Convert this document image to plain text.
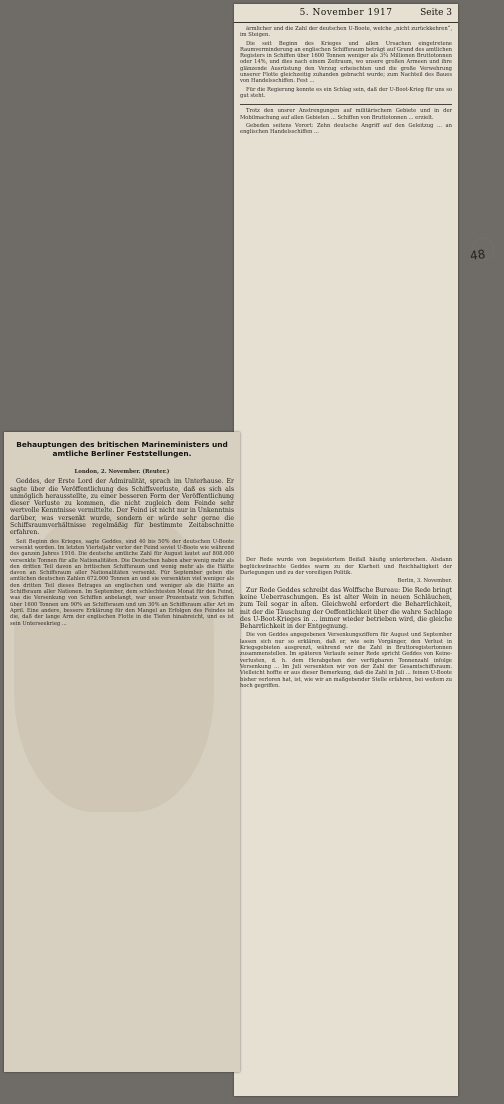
48
5. November 1917	Seite 3

ärmlicher und die Zahl der deutschen U-Boote, welche „nicht zurückkehren“, im Steigen.

Die seit Beginn des Krieges und allen Ursachen eingetretene Raumverminderung an englischen Schiffsraum beträgt auf Grund des amtlichen Registers in Schiffen über 1600 Tonnen weniger als 3¾ Millionen Bruttotonnen oder 14%, und dies nach einem Zeitraum, wo unsere großen Armeen und ihre glänzende Ausrüstung den Verzug erheischten und die große Verwehrung unserer Flotte gleichzeitig zuhanden gebracht wurde; zum Nachteil des Baues von Handelsschiffen. Fest ...

Für die Regierung konnte es ein Schlag sein, daß der U-Boot-Krieg für uns so gut steht.

Trotz den unsrer Anstrengungen auf militärischem Gebiete und in der Mobilmachung auf allen Gebieten ... Schiffen von Bruttotonnen ... erzielt.

Gebeden seitens Vorort: Zehn deutsche Angriff auf den Geleitzug ... an englischen Handelsschiffen ...

Der Rede wurde von begeistertem Beifall häufig unterbrochen. Alsdann beglückwünschte Geddes warm zu der Klarheit und Reichhaltigkeit der Darlegungen und zu der voreiligen Politik.

Berlin, 3. November.

Zur Rede Geddes schreibt das Wolffsche Bureau: Die Rede bringt keine Ueberraschungen. Es ist alter Wein in neuen Schläuchen, zum Teil sogar in alten. Gleichwohl erfordert die Beharrlichkeit, mit der die Täuschung der Oeffentlichkeit über die wahre Sachlage des U-Boot-Krieges in ... immer wieder betrieben wird, die gleiche Beharrlichkeit in der Entgegnung.

Die von Geddes angegebenen Versenkungsziffern für August und September lassen sich nur so erklären, daß er, wie sein Vorgänger, den Verlust in Kriegsgebieten ausgrenzt, während wir die Zahl in Bruttoregistertonnen zusammenstellen. Im späteren Verlaufe seiner Rede spricht Geddes von Keine-verlusten, d. h. dem Herabgehen der verfügbaren Tonnenzahl infolge Versenkung ... Im Juli versenkten wir von der Zahl der Gesamtschiffsraum. Vielleicht hoffte er aus dieser Bemerkung, daß die Zahl in Juli ... feinen U-Boote bisher verloren hat, ist, wie wir an maßgebender Stelle erfahren, bei weitem zu hoch gegriffen.

Behauptungen des britischen Marineministers und amtliche Berliner Feststellungen.
London, 2. November. (Reuter.)

Geddes, der Erste Lord der Admiralität, sprach im Unterhause. Er sagte über die Veröffentlichung des Schiffsverluste, daß es sich als unmöglich herausstellte, zu einer besseren Form der Veröffentlichung dieser Verluste zu kommen, die nicht zugleich dem Feinde sehr wertvolle Kenntnisse vermittelte. Der Feind ist nicht nur in Unkenntnis darüber, was versenkt wurde, sondern er würde sehr gerne die Schiffsraumverhältnisse regelmäßig für bestimmte Zeitabschnitte erfahren.

Seit Beginn des Krieges, sagte Geddes, sind 40 bis 50% der deutschen U-Boote versenkt worden. Im letzten Vierteljahr verlor der Feind soviel U-Boote wie während des ganzen Jahres 1916. Die deutsche amtliche Zahl für August lautet auf 808.000 versenkte Tonnen für alle Nationalitäten. Die Deutschen haben aber wenig mehr als den dritten Teil davon an britischen Schiffsraum und wenig mehr als die Hälfte davon an Schiffsraum aller Nationalitäten versenkt. Für September geben die amtlichen deutschen Zahlen 672.000 Tonnen an und sie versenkten viel weniger als den dritten Teil dieses Betrages an englischen und weniger als die Hälfte an Schiffsraum aller Nationen. Im September, dem schlechtesten Monat für den Feind, was die Versenkung von Schiffen anbelangt, war unser Prozentsatz von Schiffen über 1600 Tonnen um 90% an Schiffsraum und um 30% an Schiffsraum aller Art im April. Eine andere, bessere Erklärung für den Mangel an Erfolgen des Feindes ist die, daß der lange Arm der englischen Flotte in die Tiefen hinabreicht, und es ist sein Unterseekrieg ...
